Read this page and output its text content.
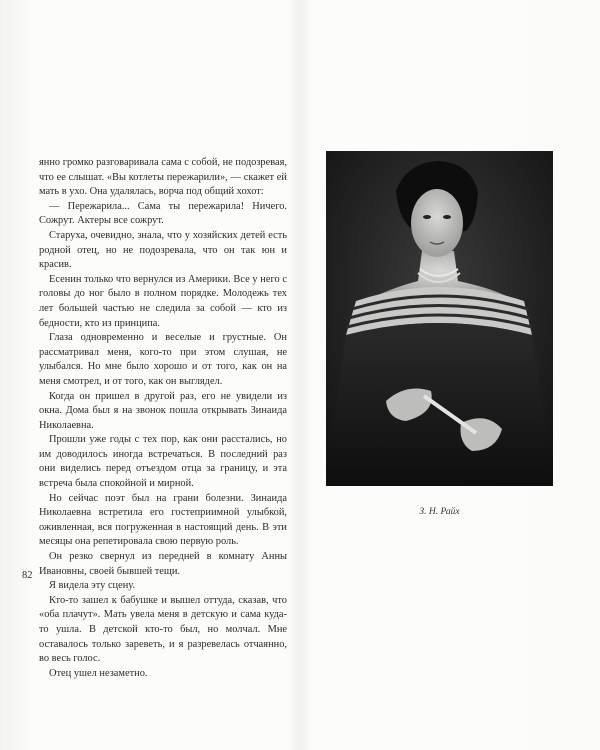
янно громко разговаривала сама с собой, не подозревая, что ее слышат. «Вы котлеты пережарили», — скажет ей мать в ухо. Она удалялась, ворча под общий хохот:

— Пережарила... Сама ты пережарила! Ничего. Сожрут. Актеры все сожрут.

Старуха, очевидно, знала, что у хозяйских детей есть родной отец, но не подозревала, что он так юн и красив.

Есенин только что вернулся из Америки. Все у него с головы до ног было в полном порядке. Молодежь тех лет большей частью не следила за собой — кто из бедности, кто из принципа.

Глаза одновременно и веселые и грустные. Он рассматривал меня, кого-то при этом слушая, не улыбался. Но мне было хорошо и от того, как он на меня смотрел, и от того, как он выглядел.

Когда он пришел в другой раз, его не увидели из окна. Дома был я на звонок пошла открывать Зинаида Николаевна.

Прошли уже годы с тех пор, как они расстались, но им доводилось иногда встречаться. В последний раз они виделись перед отъездом отца за границу, и эта встреча была спокойной и мирной.

Но сейчас поэт был на грани болезни. Зинаида Николаевна встретила его гостеприимной улыбкой, оживленная, вся погруженная в настоящий день. В эти месяцы она репетировала свою первую роль.

Он резко свернул из передней в комнату Анны Ивановны, своей бывшей тещи.

Я видела эту сцену.

Кто-то зашел к бабушке и вышел оттуда, сказав, что «оба плачут». Мать увела меня в детскую и сама куда-то ушла. В детской кто-то был, но молчал. Мне оставалось только зареветь, и я разревелась отчаянно, во весь голос.

Отец ушел незаметно.

82
З. Н. Райх
